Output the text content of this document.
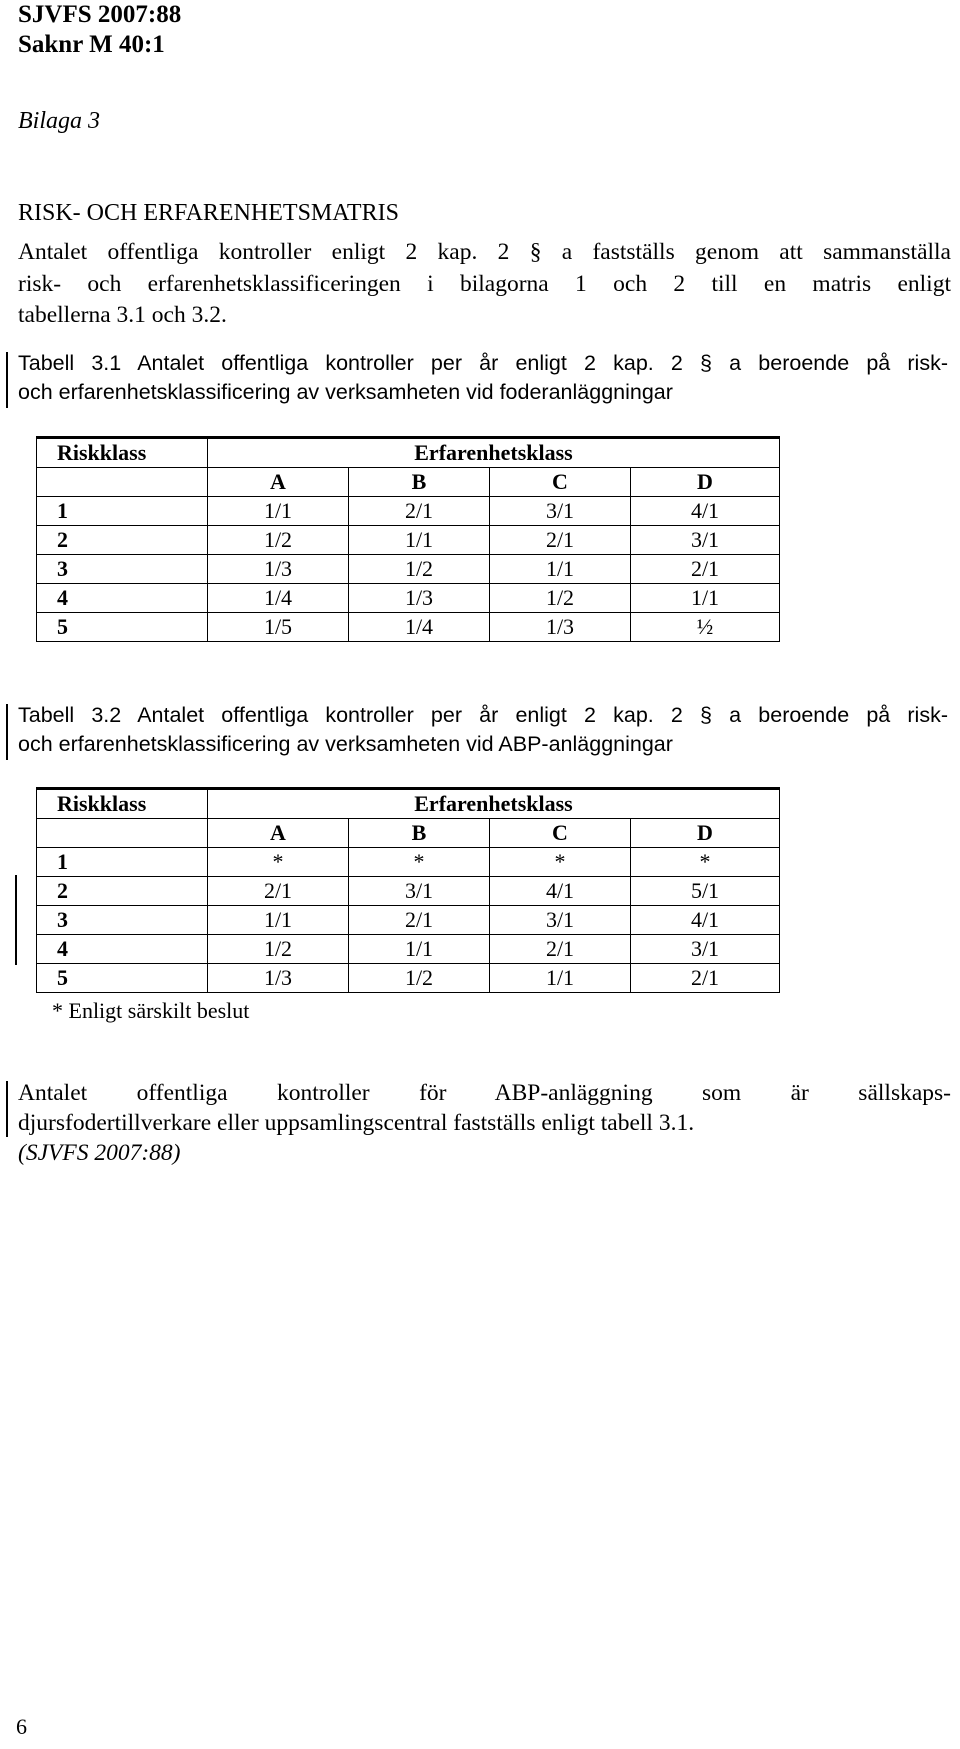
SJVFS 2007:88
Saknr M 40:1
Bilaga 3
RISK- OCH ERFARENHETSMATRIS
Antalet offentliga kontroller enligt 2 kap. 2 § a fastställs genom att sammanställa
risk- och erfarenhetsklassificeringen i bilagorna 1 och 2 till en matris enligt
tabellerna 3.1 och 3.2.
Tabell 3.1 Antalet offentliga kontroller per år enligt 2 kap. 2 § a beroende på risk-
och erfarenhetsklassificering av verksamheten vid foderanläggningar
Riskklass	Erfarenhetsklass			
	A	B	C	D
1	1/1	2/1	3/1	4/1
2	1/2	1/1	2/1	3/1
3	1/3	1/2	1/1	2/1
4	1/4	1/3	1/2	1/1
5	1/5	1/4	1/3	½
Tabell 3.2 Antalet offentliga kontroller per år enligt 2 kap. 2 § a beroende på risk-
och erfarenhetsklassificering av verksamheten vid ABP-anläggningar
Riskklass	Erfarenhetsklass			
	A	B	C	D
1	*	*	*	*
2	2/1	3/1	4/1	5/1
3	1/1	2/1	3/1	4/1
4	1/2	1/1	2/1	3/1
5	1/3	1/2	1/1	2/1
* Enligt särskilt beslut
Antalet offentliga kontroller för ABP-anläggning som är sällskaps-
djursfodertillverkare eller uppsamlingscentral fastställs enligt tabell 3.1.
(SJVFS 2007:88)
6
